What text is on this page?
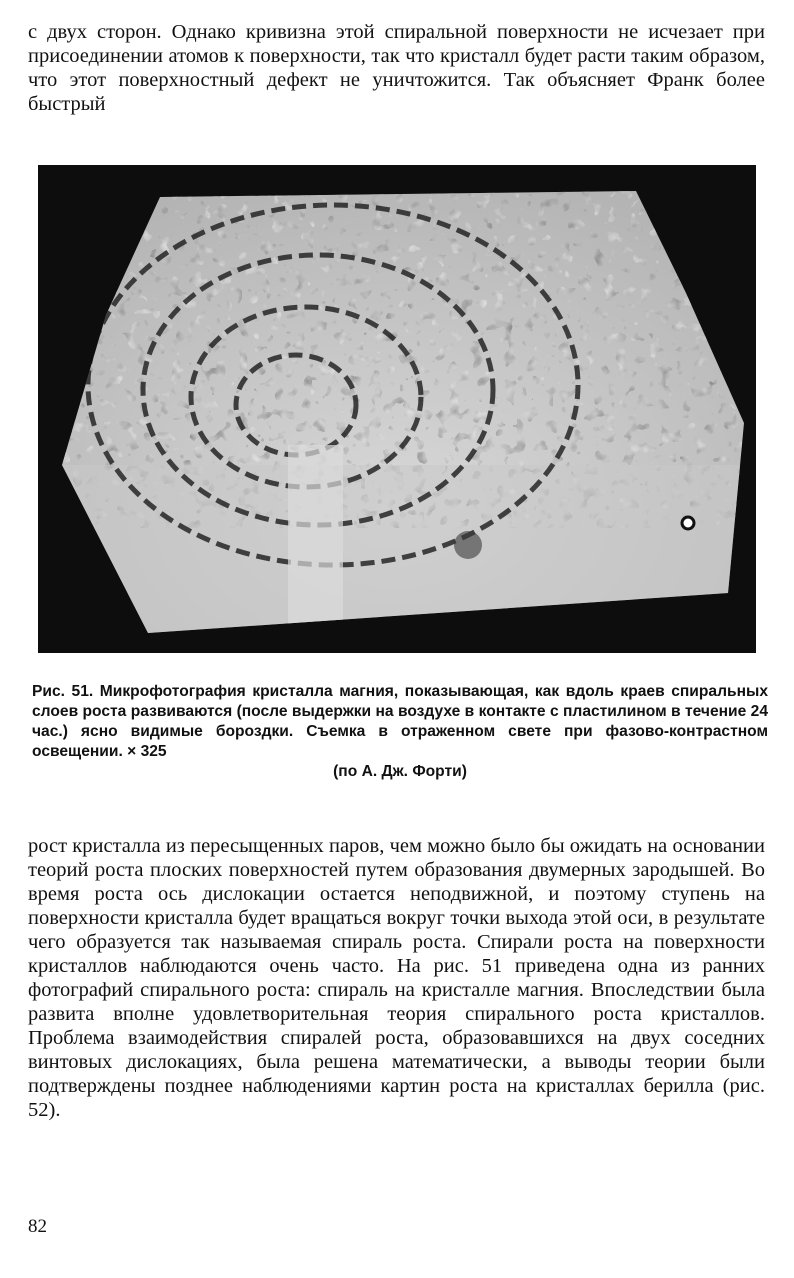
с двух сторон. Однако кривизна этой спиральной поверхности не исчезает при присоединении атомов к поверхности, так что кристалл будет расти таким образом, что этот поверхностный дефект не уничтожится. Так объясняет Франк более быстрый

Рис. 51. Микрофотография кристалла магния, показывающая, как вдоль краев спиральных слоев роста развиваются (после выдержки на воздухе в контакте с пластилином в течение 24 час.) ясно видимые бороздки. Съемка в отраженном свете при фазово-контрастном освещении. × 325
(по А. Дж. Форти)

рост кристалла из пересыщенных паров, чем можно было бы ожидать на основании теорий роста плоских поверхностей путем образования двумерных зародышей. Во время роста ось дислокации остается неподвижной, и поэтому ступень на поверхности кристалла будет вращаться вокруг точки выхода этой оси, в результате чего образуется так называемая спираль роста. Спирали роста на поверхности кристаллов наблюдаются очень часто. На рис. 51 приведена одна из ранних фотографий спирального роста: спираль на кристалле магния. Впоследствии была развита вполне удовлетворительная теория спирального роста кристаллов. Проблема взаимодействия спиралей роста, образовавшихся на двух соседних винтовых дислокациях, была решена математически, а выводы теории были подтверждены позднее наблюдениями картин роста на кристаллах берилла (рис. 52).

82
